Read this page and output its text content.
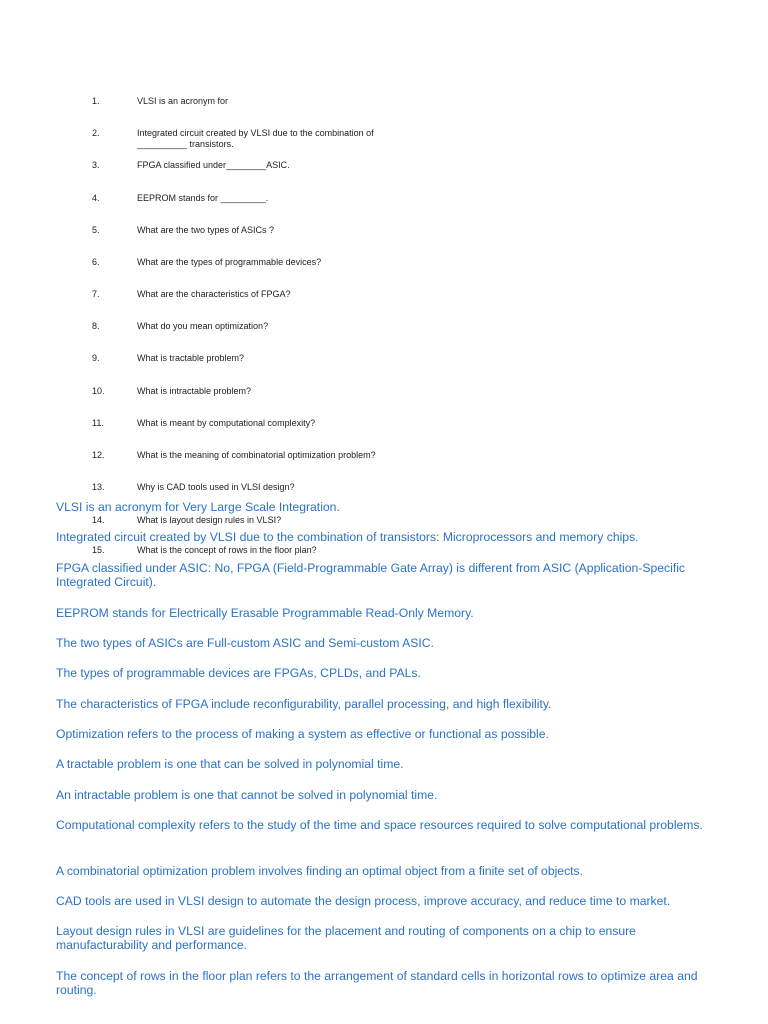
1.	VLSI is an acronym for
2.	Integrated circuit created by VLSI due to the combination of
__________ transistors.
3.	FPGA classified under________ASIC.
4.	EEPROM stands for _________.
5.	What are the two types of ASICs ?
6.	What are the types of programmable devices?
7.	What are the characteristics of FPGA?
8.	What do you mean optimization?
9.	What is tractable problem?
10.	What is intractable problem?
11.	What is meant by computational complexity?
12.	What is the meaning of combinatorial optimization problem?
13.	Why is CAD tools used in VLSI design?
14.	What is layout design rules in VLSI?
15.	What is the concept of rows in the floor plan?
VLSI is an acronym for Very Large Scale Integration.
Integrated circuit created by VLSI due to the combination of transistors: Microprocessors and memory chips.
FPGA classified under ASIC: No, FPGA (Field-Programmable Gate Array) is different from ASIC (Application-Specific Integrated Circuit).
EEPROM stands for Electrically Erasable Programmable Read-Only Memory.
The two types of ASICs are Full-custom ASIC and Semi-custom ASIC.
The types of programmable devices are FPGAs, CPLDs, and PALs.
The characteristics of FPGA include reconfigurability, parallel processing, and high flexibility.
Optimization refers to the process of making a system as effective or functional as possible.
A tractable problem is one that can be solved in polynomial time.
An intractable problem is one that cannot be solved in polynomial time.
Computational complexity refers to the study of the time and space resources required to solve computational problems.
A combinatorial optimization problem involves finding an optimal object from a finite set of objects.
CAD tools are used in VLSI design to automate the design process, improve accuracy, and reduce time to market.
Layout design rules in VLSI are guidelines for the placement and routing of components on a chip to ensure manufacturability and performance.
The concept of rows in the floor plan refers to the arrangement of standard cells in horizontal rows to optimize area and routing.
